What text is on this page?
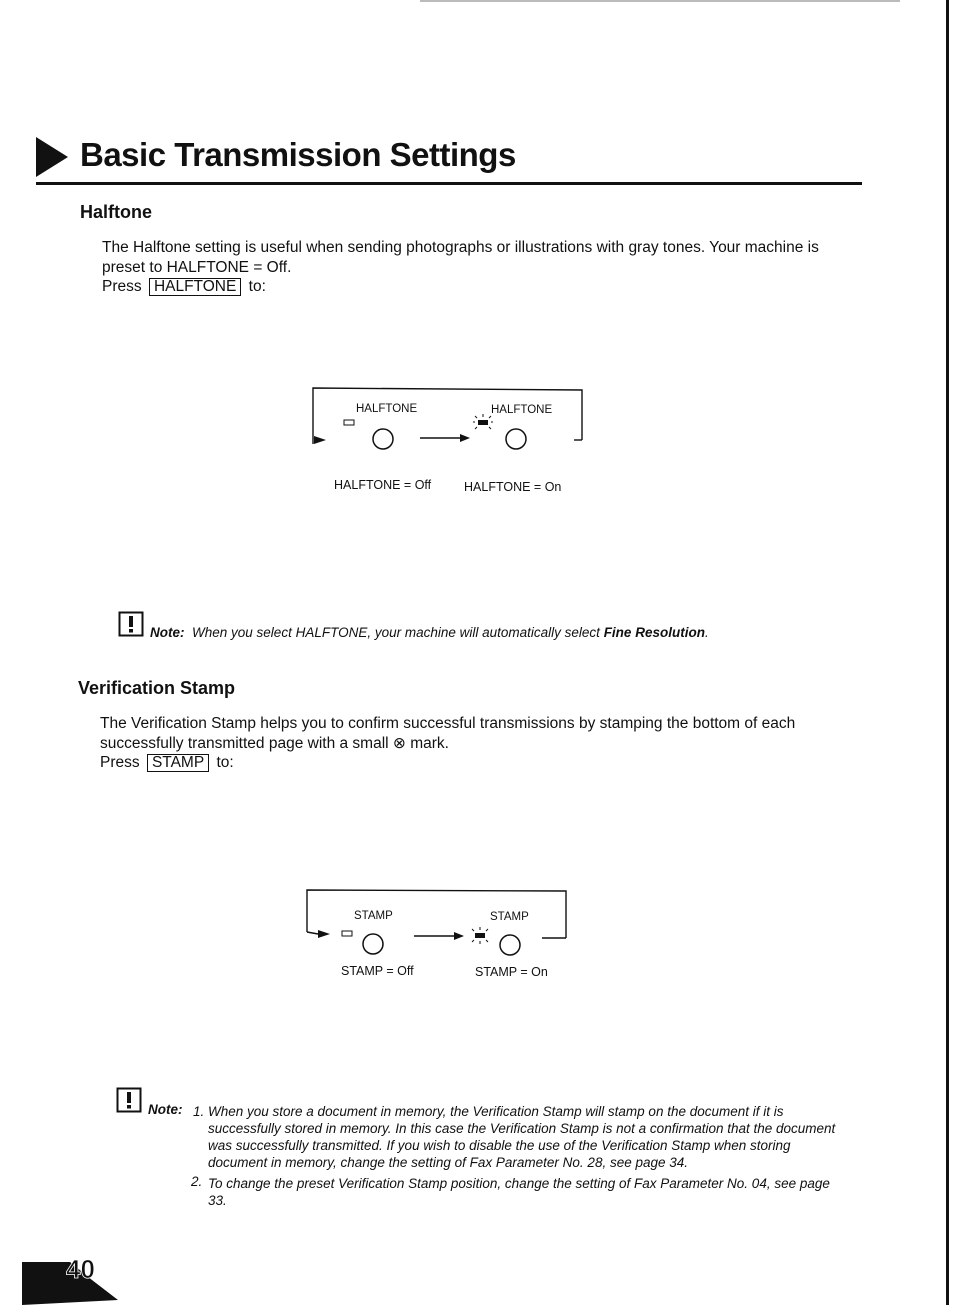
Basic Transmission Settings
Halftone
The Halftone setting is useful when sending photographs or illustrations with gray tones. Your machine is preset to HALFTONE = Off.
Press HALFTONE to:
HALFTONE	HALFTONE
HALFTONE = Off	HALFTONE = On
Note: When you select HALFTONE, your machine will automatically select Fine Resolution.
Verification Stamp
The Verification Stamp helps you to confirm successful transmissions by stamping the bottom of each successfully transmitted page with a small ⊗ mark.
Press STAMP to:
STAMP	STAMP
STAMP = Off	STAMP = On
Note: 1. When you store a document in memory, the Verification Stamp will stamp on the document if it is successfully stored in memory. In this case the Verification Stamp is not a confirmation that the document was successfully transmitted. If you wish to disable the use of the Verification Stamp when storing document in memory, change the setting of Fax Parameter No. 28, see page 34.
2. To change the preset Verification Stamp position, change the setting of Fax Parameter No. 04, see page 33.
40
